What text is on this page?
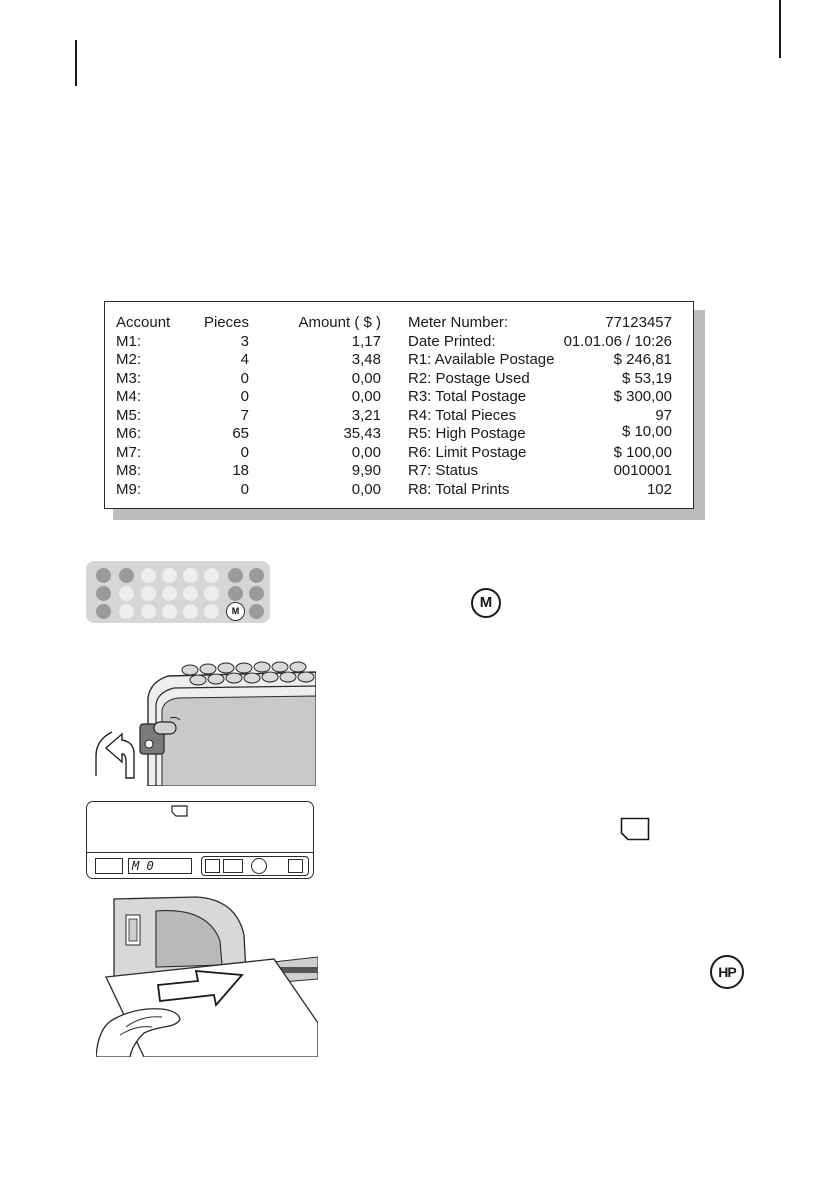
Account	Pieces	Amount ( $ )
M1:	3	1,17
M2:	4	3,48
M3:	0	0,00
M4:	0	0,00
M5:	7	3,21
M6:	65	35,43
M7:	0	0,00
M8:	18	9,90
M9:	0	0,00
Meter Number:	77123457
Date Printed:	01.01.06 / 10:26
R1: Available Postage	$ 246,81
R2: Postage Used	$ 53,19
R3: Total Postage	$ 300,00
R4: Total Pieces	97
R5: High Postage	$ 10,00
R6: Limit Postage	$ 100,00
R7: Status	0010001
R8: Total Prints	102
M	M
M 0
HP
